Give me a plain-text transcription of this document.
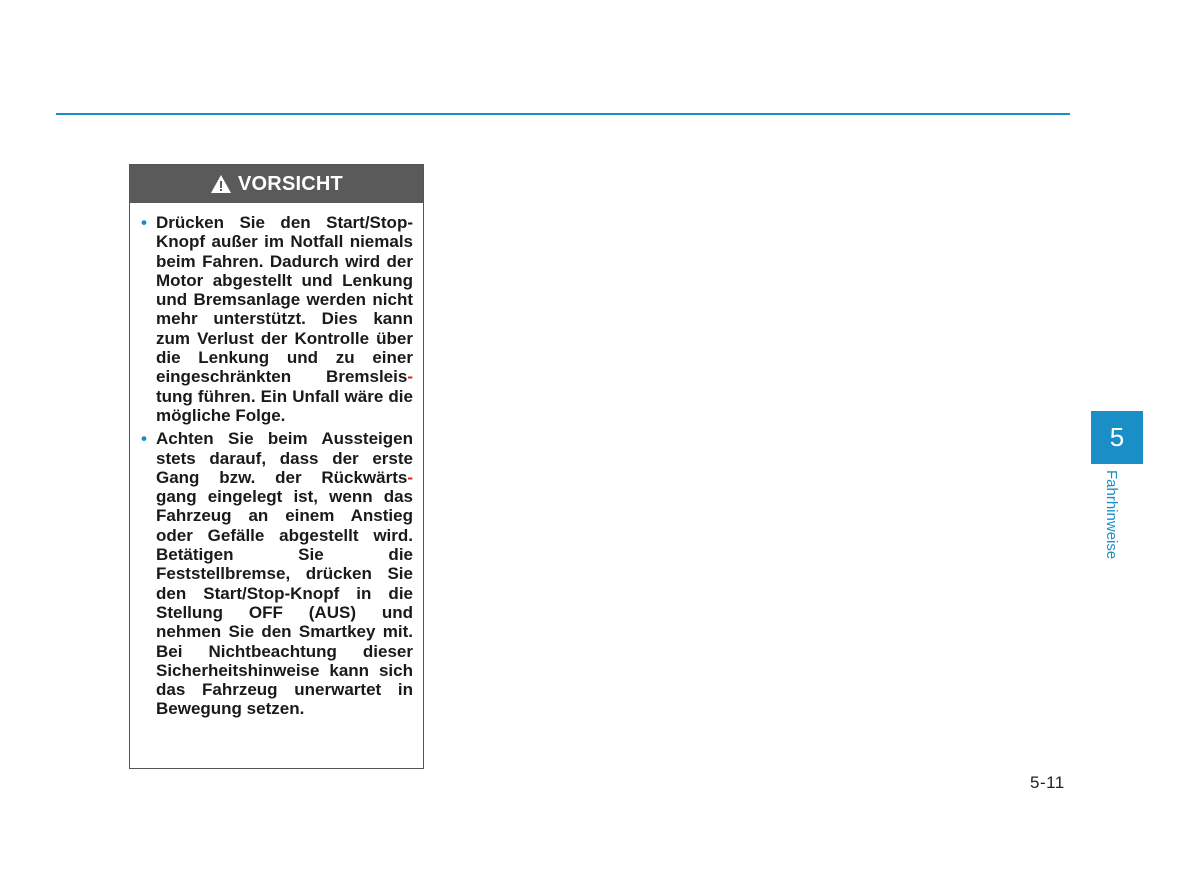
VORSICHT
• Drücken Sie den Start/Stop-Knopf außer im Notfall niemals beim Fahren. Dadurch wird der Motor abgestellt und Lenkung und Bremsanlage werden nicht mehr unterstützt. Dies kann zum Verlust der Kontrolle über die Lenkung und zu einer eingeschränkten Bremsleis- tung führen. Ein Unfall wäre die mögliche Folge.
• Achten Sie beim Aussteigen stets darauf, dass der erste Gang bzw. der Rückwärts- gang eingelegt ist, wenn das Fahrzeug an einem Anstieg oder Gefälle abgestellt wird. Betätigen Sie die Feststellbremse, drücken Sie den Start/Stop-Knopf in die Stellung OFF (AUS) und nehmen Sie den Smartkey mit. Bei Nichtbeachtung dieser Sicherheitshinweise kann sich das Fahrzeug unerwartet in Bewegung setzen.
5
Fahrhinweise
5-11
